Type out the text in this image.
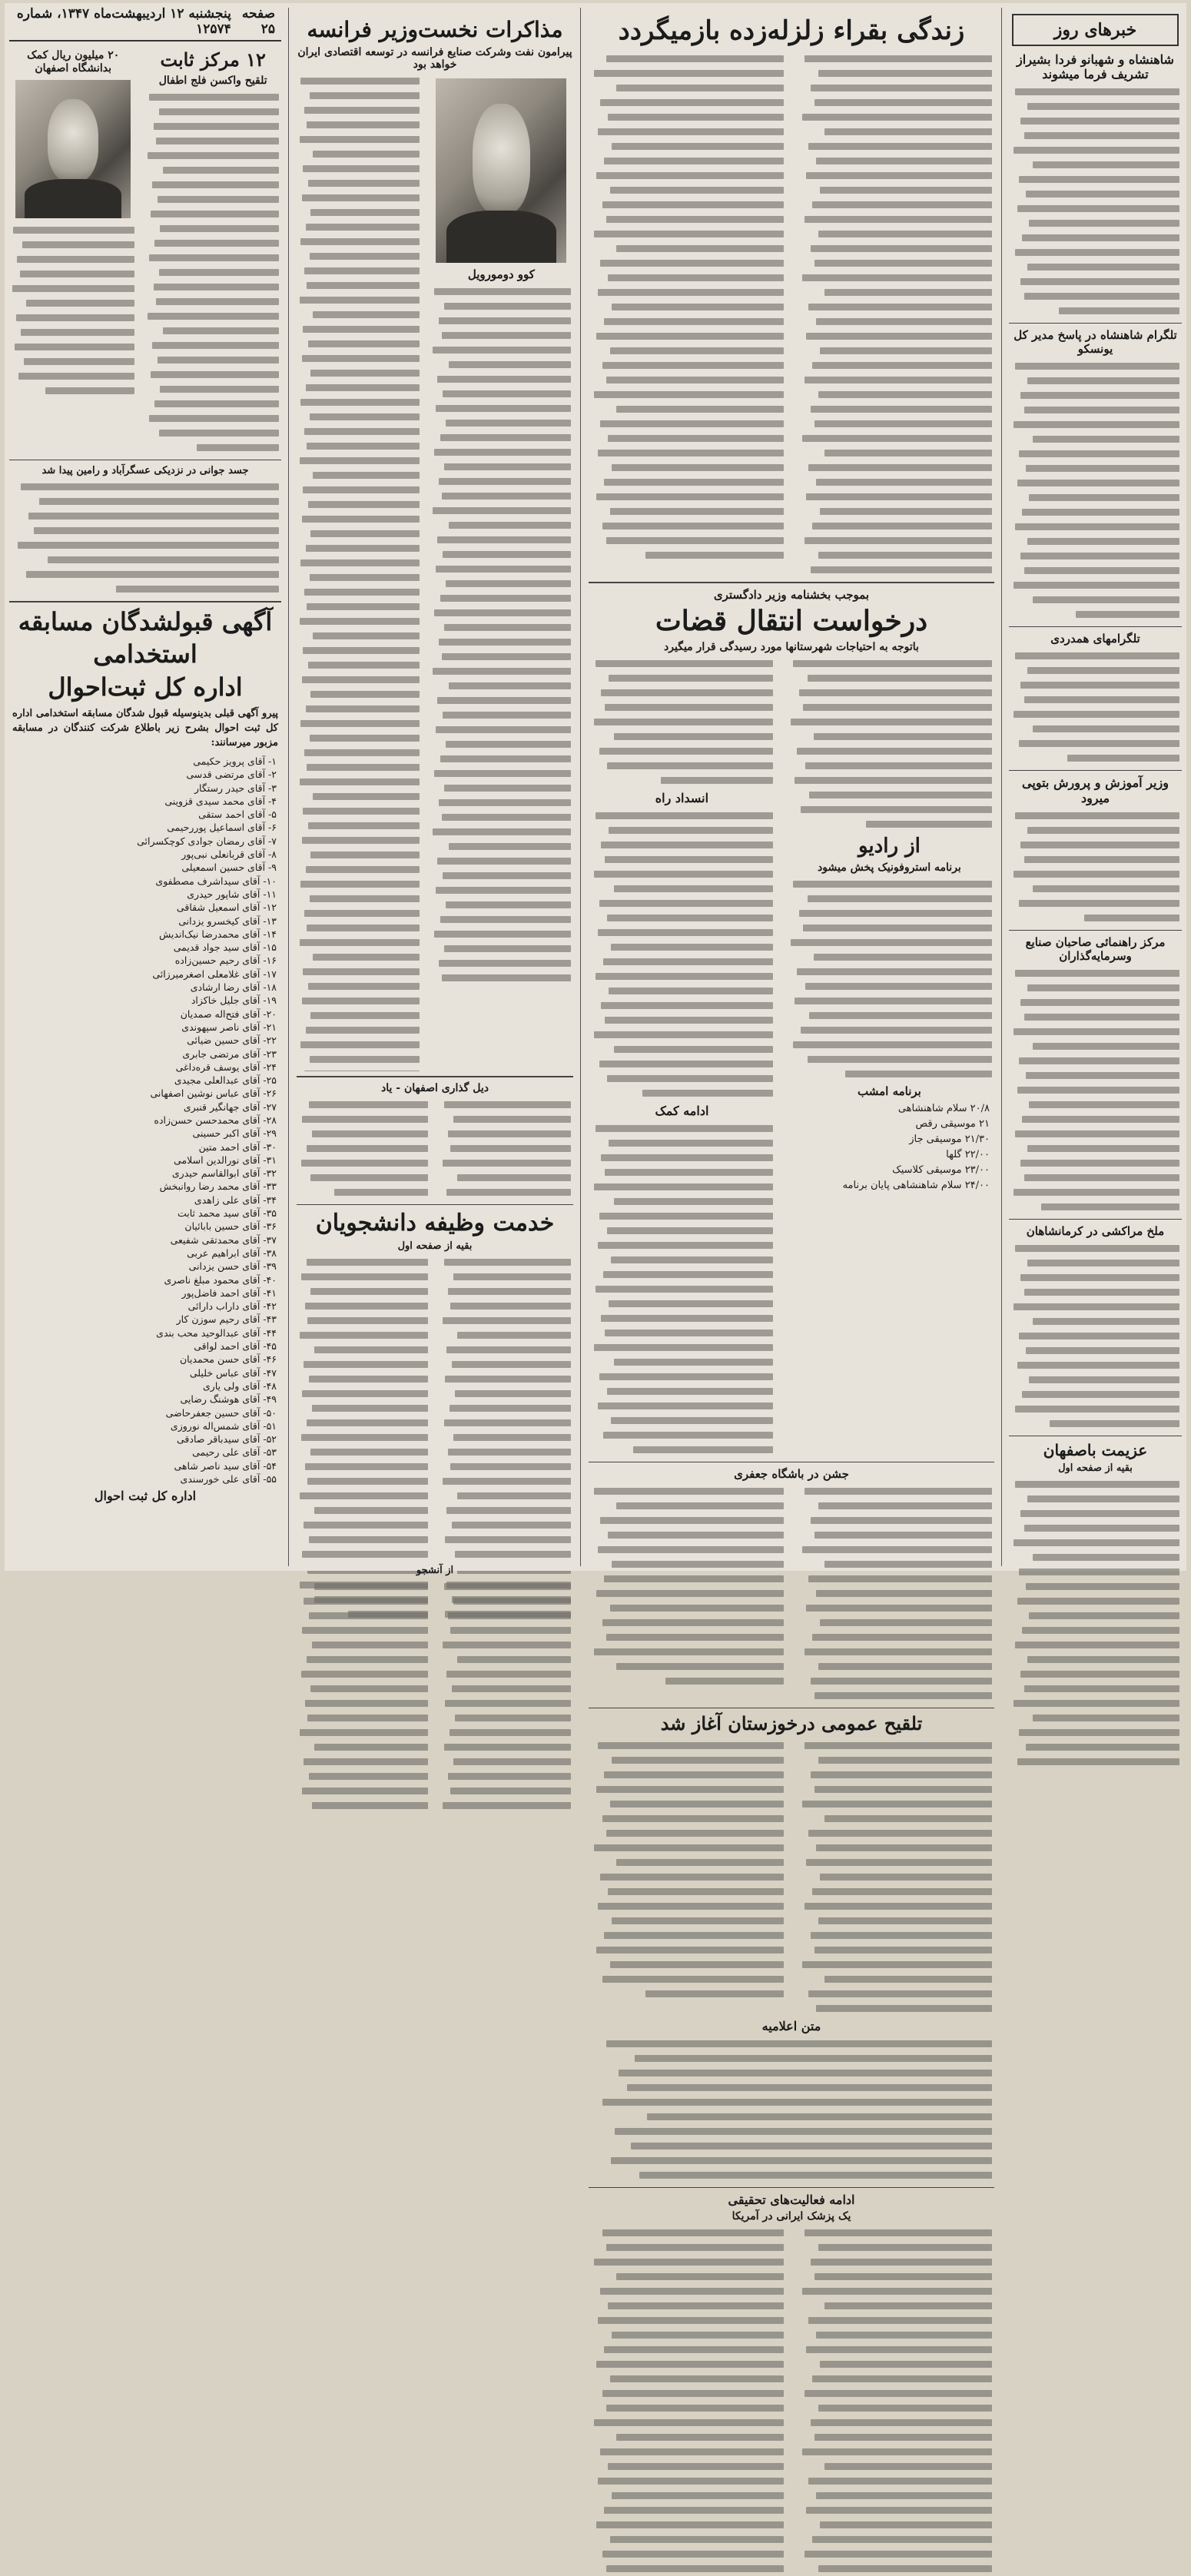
خبرهای روز
شاهنشاه و شهبانو فردا بشیراز تشریف فرما میشوند

تلگرام شاهنشاه در پاسخ مدیر کل یونسکو

تلگرامهای همدردی

وزیر آموزش و پرورش بتوپی میرود

مرکز راهنمائی صاحبان صنایع وسرمایه‌گذاران

ملخ مراکشی در کرمانشاهان

عزیمت باصفهان
بقیه از صفحه اول

زندگی بقراء زلزله‌زده بازمیگردد

بموجب بخشنامه وزیر دادگستری
درخواست انتقال قضات
باتوجه به احتیاجات شهرستانها مورد رسیدگی قرار میگیرد

از رادیو
برنامه استروفونیک پخش میشود

برنامه امشب
۲۰/۸ سلام شاهنشاهی
۲۱ موسیقی رقص
۲۱/۳۰ موسیقی جاز
۲۲/۰۰ گلها
۲۳/۰۰ موسیقی کلاسیک
۲۴/۰۰ سلام شاهنشاهی پایان برنامه

انسداد راه

ادامه کمک

جشن در باشگاه جعفری

تلقیح عمومی درخوزستان آغاز شد

متن اعلامیه

ادامه فعالیت‌های تحقیقی
یک پزشک ایرانی در آمریکا

مذاکرات نخست‌وزیر فرانسه
پیرامون نفت وشرکت صنایع فرانسه در توسعه اقتصادی ایران خواهد بود
کوو دومورویل

پنجشنبه ۱۲ اردیبهشت‌ماه ۱۳۴۷، شماره ۱۲۵۷۴
صفحه ۲۵
۱۲ مرکز ثابت
تلقیح واکسن فلج اطفال

۲۰ میلیون ریال کمک بدانشگاه اصفهان

جسد جوانی در نزدیکی عسگرآباد و رامین پیدا شد

آگهی قبولشدگان مسابقه
استخدامی
اداره کل ثبت‌احوال

پیرو آگهی قبلی بدینوسیله قبول شدگان مسابقه استخدامی اداره کل ثبت احوال بشرح زیر باطلاع شرکت کنندگان در مسابقه مزبور میرسانند:

۱- آقای پرویز حکیمی
۲- آقای مرتضی قدسی
۳- آقای حیدر رستگار
۴- آقای محمد سیدی قزوینی
۵- آقای احمد ستقی
۶- آقای اسماعیل پوررحیمی
۷- آقای رمضان جوادی کوچکسرائی
۸- آقای قربانعلی نبی‌پور
۹- آقای حسین اسمعیلی
۱۰- آقای سیداشرف مصطفوی
۱۱- آقای شاپور حیدری
۱۲- آقای اسمعیل شقاقی
۱۳- آقای کیخسرو یزدانی
۱۴- آقای محمدرضا نیک‌اندیش
۱۵- آقای سید جواد قدیمی
۱۶- آقای رحیم حسین‌زاده
۱۷- آقای غلامعلی اصغرمیرزائی
۱۸- آقای رضا ارشادی
۱۹- آقای جلیل خاکزاد
۲۰- آقای فتح‌اله صمدیان
۲۱- آقای ناصر سپهوندی
۲۲- آقای حسین ضیائی
۲۳- آقای مرتضی جابری
۲۴- آقای یوسف قره‌داغی
۲۵- آقای عبدالعلی مجیدی
۲۶- آقای عباس نوشین اصفهانی
۲۷- آقای جهانگیر قنبری
۲۸- آقای محمدحسن حسن‌زاده
۲۹- آقای اکبر حسینی
۳۰- آقای احمد متین
۳۱- آقای نورالدین اسلامی
۳۲- آقای ابوالقاسم حیدری
۳۳- آقای محمد رضا روانبخش
۳۴- آقای علی زاهدی
۳۵- آقای سید محمد ثابت
۳۶- آقای حسین بابائیان
۳۷- آقای محمدتقی شفیعی
۳۸- آقای ابراهیم عربی
۳۹- آقای حسن یزدانی
۴۰- آقای محمود مبلغ ناصری
۴۱- آقای احمد فاضل‌پور
۴۲- آقای داراب دارائی
۴۳- آقای رحیم سوزن کار
۴۴- آقای عبدالوحید محب بندی
۴۵- آقای احمد لواقی
۴۶- آقای حسن محمدیان
۴۷- آقای عباس خلیلی
۴۸- آقای ولی یاری
۴۹- آقای هوشنگ رضایی
۵۰- آقای حسین جعفرحاضی
۵۱- آقای شمس‌اله نوروزی
۵۲- آقای سیدباقر صادقی
۵۳- آقای علی رحیمی
۵۴- آقای سید ناصر شاهی
۵۵- آقای علی خورسندی
اداره کل ثبت احوال
دیل گذاری اصفهان - یاد

خدمت وظیفه دانشجویان
بقیه از صفحه اول

از آنشجو
